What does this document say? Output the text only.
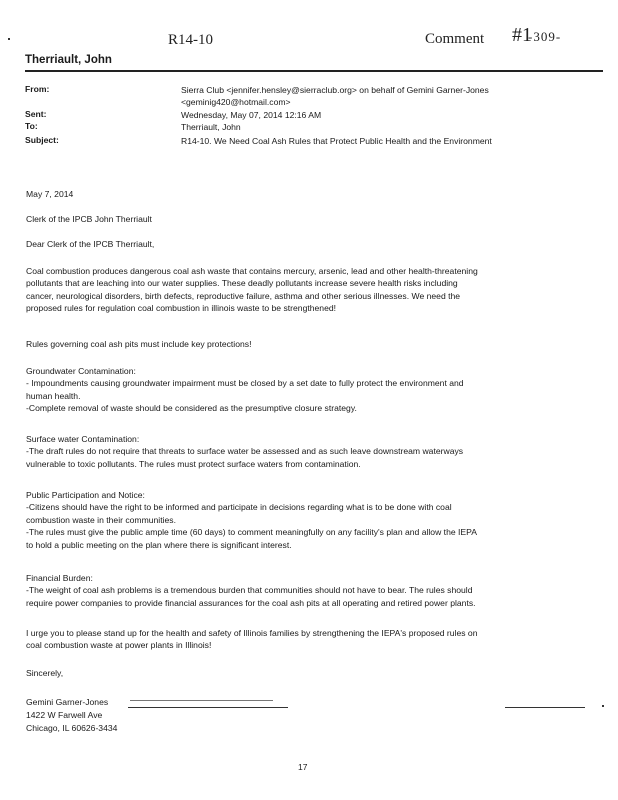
R14-10	Comment #1
-309-
Therriault, John
From:	Sierra Club <jennifer.hensley@sierraclub.org> on behalf of Gemini Garner-Jones
<geminig420@hotmail.com>
Sent:	Wednesday, May 07, 2014 12:16 AM
To:	Therriault, John
Subject:	R14-10. We Need Coal Ash Rules that Protect Public Health and the Environment
May 7, 2014
Clerk of the IPCB John Therriault
Dear Clerk of the IPCB Therriault,

Coal combustion produces dangerous coal ash waste that contains mercury, arsenic, lead and other health-threatening

pollutants that are leaching into our water supplies. These deadly pollutants increase severe health risks including

cancer, neurological disorders, birth defects, reproductive failure, asthma and other serious illnesses. We need the

proposed rules for regulation coal combustion in illinois waste to be strengthened!

Rules governing coal ash pits must include key protections!

Groundwater Contamination:

- Impoundments causing groundwater impairment must be closed by a set date to fully protect the environment and

human health.

-Complete removal of waste should be considered as the presumptive closure strategy.

Surface water Contamination:

-The draft rules do not require that threats to surface water be assessed and as such leave downstream waterways

vulnerable to toxic pollutants. The rules must protect surface waters from contamination.

Public Participation and Notice:

-Citizens should have the right to be informed and participate in decisions regarding what is to be done with coal

combustion waste in their communities.

-The rules must give the public ample time (60 days) to comment meaningfully on any facility's plan and allow the IEPA

to hold a public meeting on the plan where there is significant interest.

Financial Burden:

-The weight of coal ash problems is a tremendous burden that communities should not have to bear. The rules should

require power companies to provide financial assurances for the coal ash pits at all operating and retired power plants.

I urge you to please stand up for the health and safety of Illinois families by strengthening the IEPA's proposed rules on

coal combustion waste at power plants in Illinois!

Sincerely,
Gemini Garner-Jones
1422 W Farwell Ave
Chicago, IL 60626-3434
17
